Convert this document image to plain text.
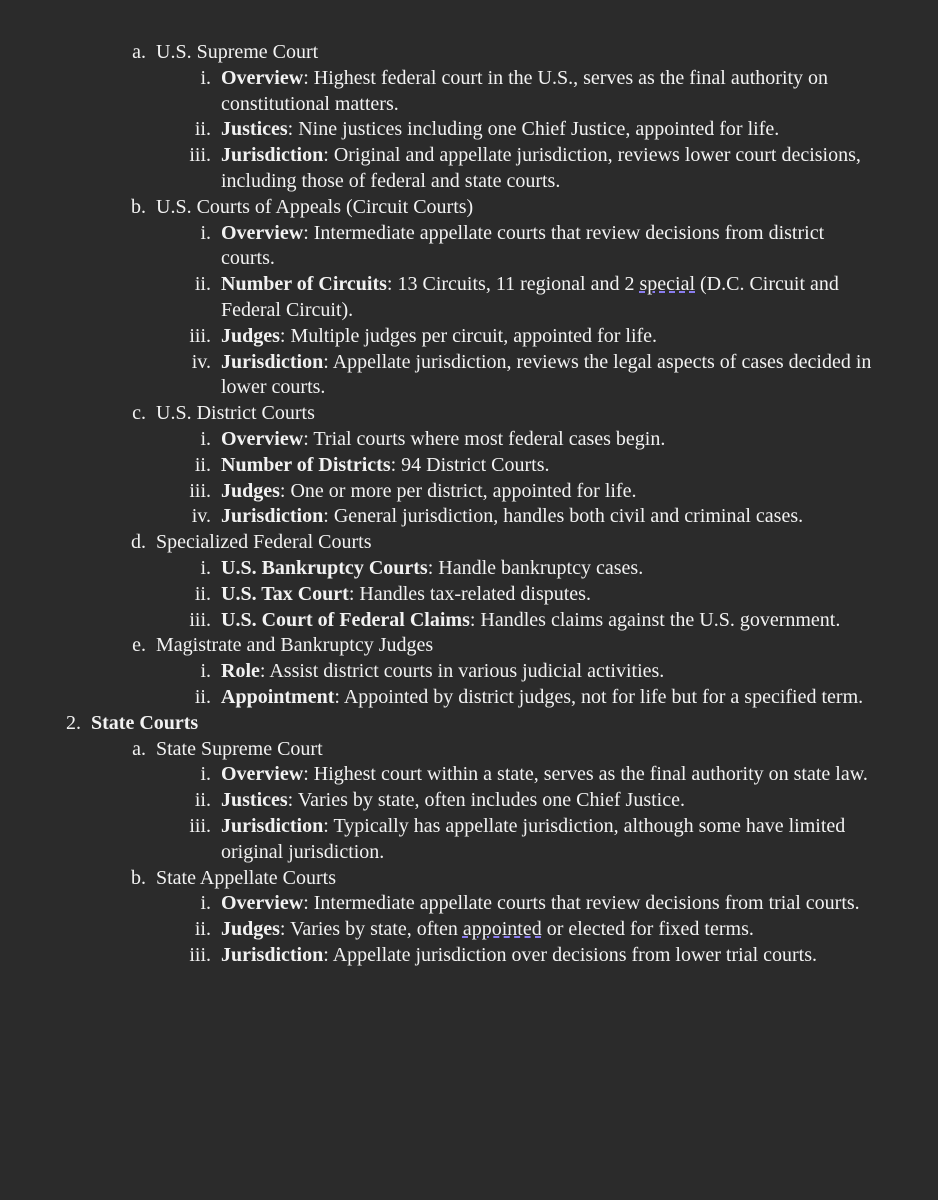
a. U.S. Supreme Court
i. Overview: Highest federal court in the U.S., serves as the final authority on constitutional matters.
ii. Justices: Nine justices including one Chief Justice, appointed for life.
iii. Jurisdiction: Original and appellate jurisdiction, reviews lower court decisions, including those of federal and state courts.
b. U.S. Courts of Appeals (Circuit Courts)
i. Overview: Intermediate appellate courts that review decisions from district courts.
ii. Number of Circuits: 13 Circuits, 11 regional and 2 special (D.C. Circuit and Federal Circuit).
iii. Judges: Multiple judges per circuit, appointed for life.
iv. Jurisdiction: Appellate jurisdiction, reviews the legal aspects of cases decided in lower courts.
c. U.S. District Courts
i. Overview: Trial courts where most federal cases begin.
ii. Number of Districts: 94 District Courts.
iii. Judges: One or more per district, appointed for life.
iv. Jurisdiction: General jurisdiction, handles both civil and criminal cases.
d. Specialized Federal Courts
i. U.S. Bankruptcy Courts: Handle bankruptcy cases.
ii. U.S. Tax Court: Handles tax-related disputes.
iii. U.S. Court of Federal Claims: Handles claims against the U.S. government.
e. Magistrate and Bankruptcy Judges
i. Role: Assist district courts in various judicial activities.
ii. Appointment: Appointed by district judges, not for life but for a specified term.
2. State Courts
a. State Supreme Court
i. Overview: Highest court within a state, serves as the final authority on state law.
ii. Justices: Varies by state, often includes one Chief Justice.
iii. Jurisdiction: Typically has appellate jurisdiction, although some have limited original jurisdiction.
b. State Appellate Courts
i. Overview: Intermediate appellate courts that review decisions from trial courts.
ii. Judges: Varies by state, often appointed or elected for fixed terms.
iii. Jurisdiction: Appellate jurisdiction over decisions from lower trial courts.
